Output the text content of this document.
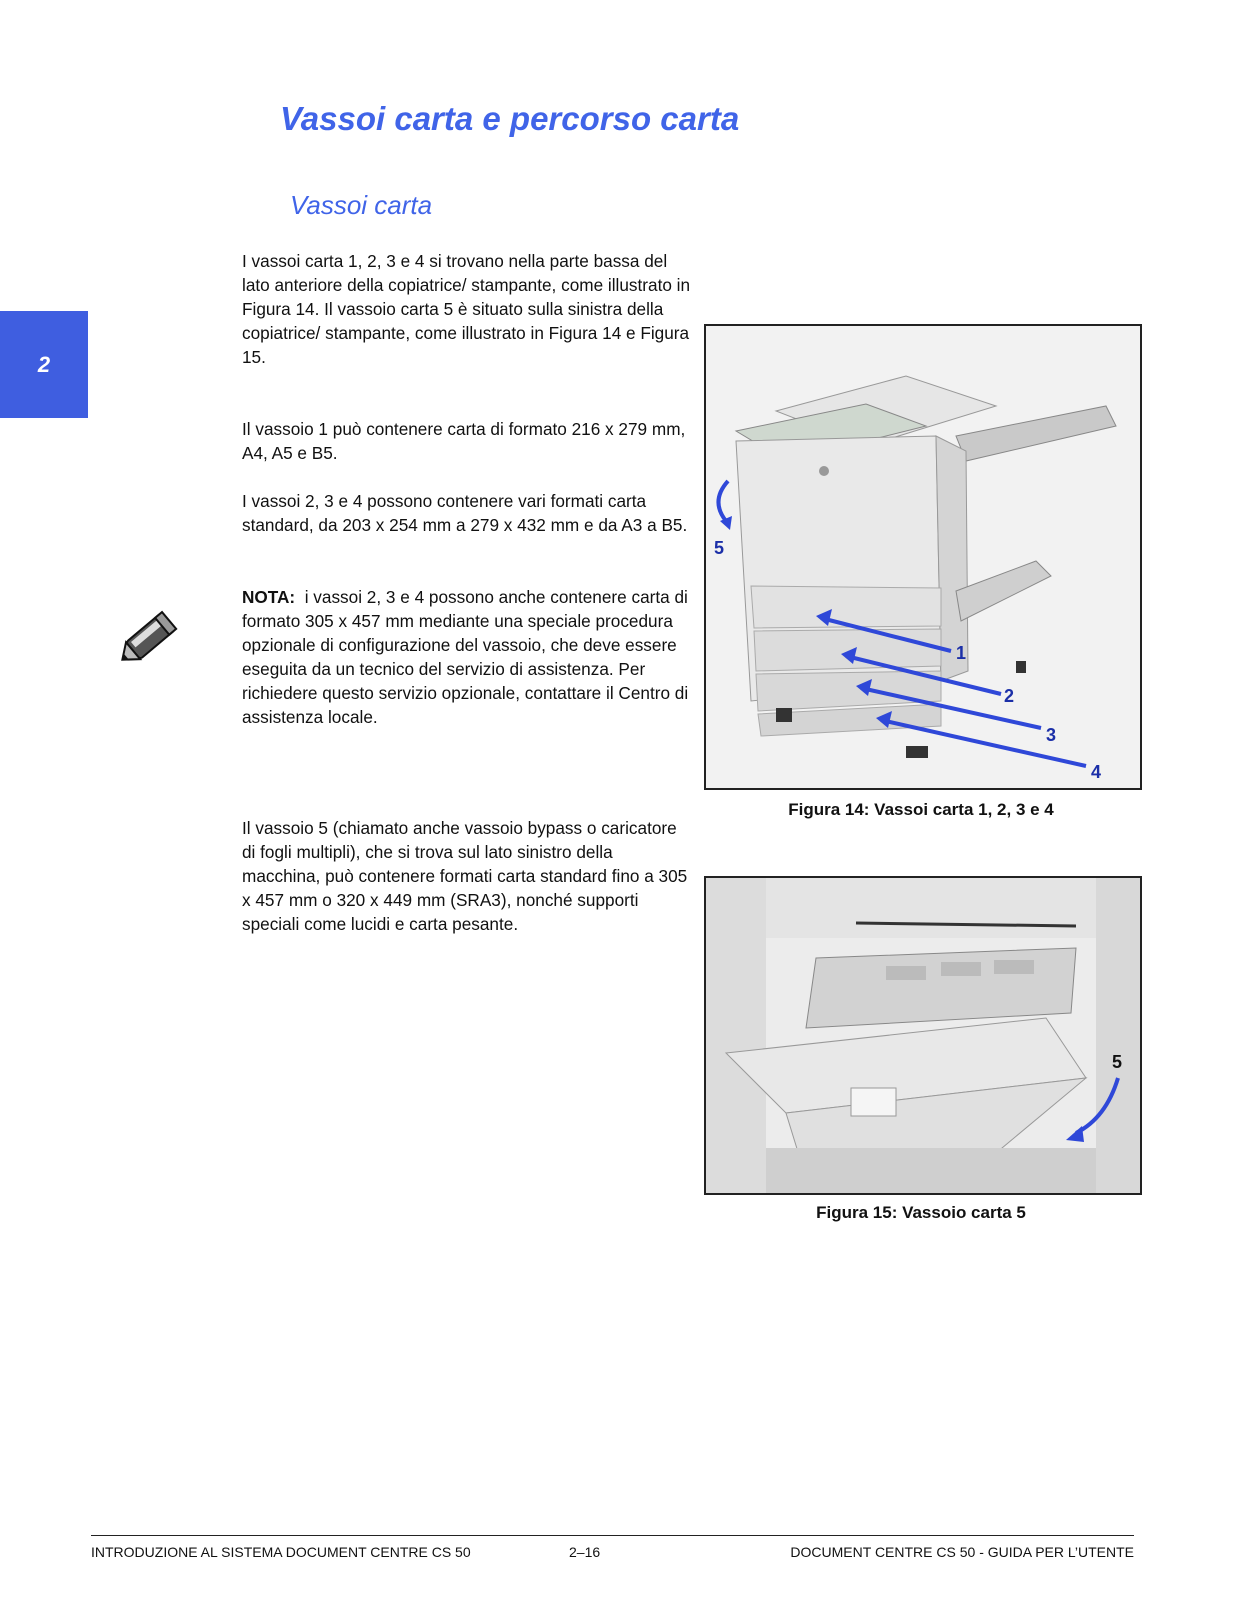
2
Vassoi carta e percorso carta
Vassoi carta

I vassoi carta 1, 2, 3 e 4 si trovano nella parte bassa del lato anteriore della copiatrice/ stampante, come illustrato in Figura 14. Il vassoio carta 5 è situato sulla sinistra della copiatrice/ stampante, come illustrato in Figura 14 e Figura 15.

Il vassoio 1 può contenere carta di formato 216 x 279 mm, A4, A5 e B5.

I vassoi 2, 3 e 4 possono contenere vari formati carta standard, da 203 x 254 mm a 279 x 432 mm e da A3 a B5.

NOTA: i vassoi 2, 3 e 4 possono anche contenere carta di formato 305 x 457 mm mediante una speciale procedura opzionale di configurazione del vassoio, che deve essere eseguita da un tecnico del servizio di assistenza. Per richiedere questo servizio opzionale, contattare il Centro di assistenza locale.

Il vassoio 5 (chiamato anche vassoio bypass o caricatore di fogli multipli), che si trova sul lato sinistro della macchina, può contenere formati carta standard fino a 305 x 457 mm o 320 x 449 mm (SRA3), nonché supporti speciali come lucidi e carta pesante.

5
1
2
3
4

Figura 14: Vassoi carta 1, 2, 3 e 4

5

Figura 15: Vassoio carta 5

INTRODUZIONE AL SISTEMA DOCUMENT CENTRE CS 50	2–16	DOCUMENT CENTRE CS 50 - GUIDA PER L’UTENTE
